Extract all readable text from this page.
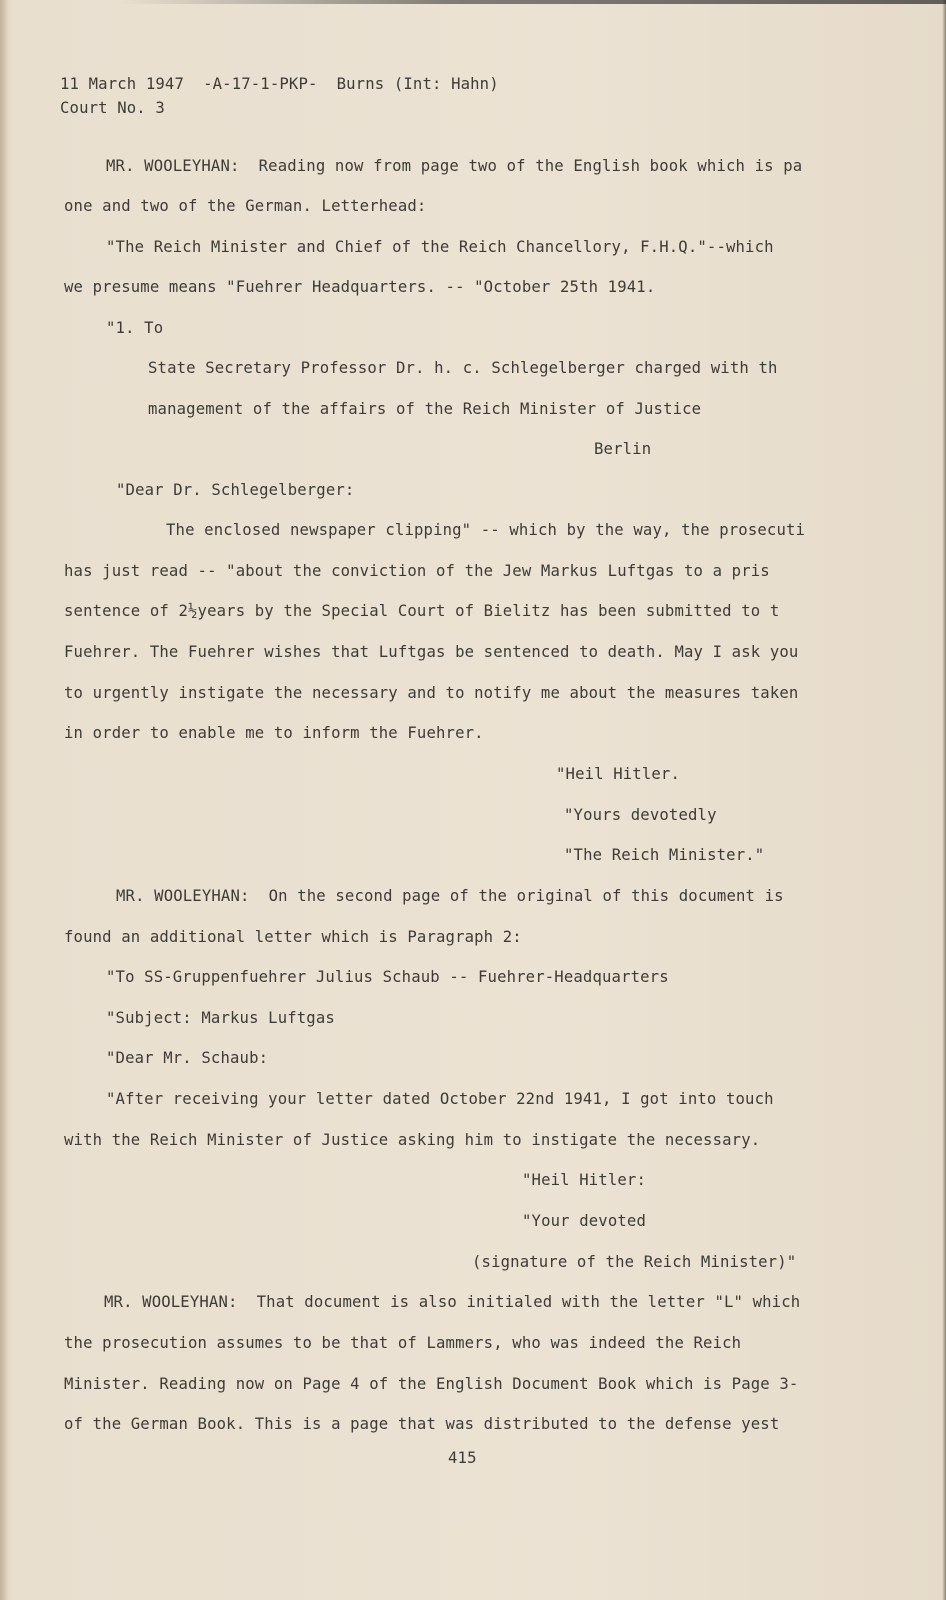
11 March 1947  -A-17-1-PKP-  Burns (Int: Hahn)
Court No. 3
MR. WOOLEYHAN:  Reading now from page two of the English book which is pa
one and two of the German. Letterhead:
"The Reich Minister and Chief of the Reich Chancellory, F.H.Q."--which
we presume means "Fuehrer Headquarters. -- "October 25th 1941.
"1. To
State Secretary Professor Dr. h. c. Schlegelberger charged with th
management of the affairs of the Reich Minister of Justice
Berlin
"Dear Dr. Schlegelberger:
The enclosed newspaper clipping" -- which by the way, the prosecuti
has just read -- "about the conviction of the Jew Markus Luftgas to a pris
sentence of 2½years by the Special Court of Bielitz has been submitted to t
Fuehrer. The Fuehrer wishes that Luftgas be sentenced to death. May I ask you
to urgently instigate the necessary and to notify me about the measures taken
in order to enable me to inform the Fuehrer.
"Heil Hitler.
"Yours devotedly
"The Reich Minister."
MR. WOOLEYHAN:  On the second page of the original of this document is
found an additional letter which is Paragraph 2:
"To SS-Gruppenfuehrer Julius Schaub -- Fuehrer-Headquarters
"Subject: Markus Luftgas
"Dear Mr. Schaub:
"After receiving your letter dated October 22nd 1941, I got into touch
with the Reich Minister of Justice asking him to instigate the necessary.
"Heil Hitler:
"Your devoted
(signature of the Reich Minister)"
MR. WOOLEYHAN:  That document is also initialed with the letter "L" which
the prosecution assumes to be that of Lammers, who was indeed the Reich
Minister. Reading now on Page 4 of the English Document Book which is Page 3-
of the German Book. This is a page that was distributed to the defense yest
415
